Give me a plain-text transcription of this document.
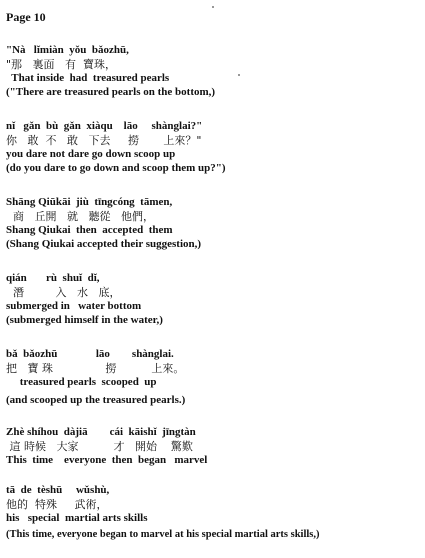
Page 10
"Nà   lǐmiàn  yǒu  bǎozhū,
"那   裏面   有  寶珠，
That inside  had  treasured pearls
("There are treasured pearls on the bottom,)
nǐ   gǎn  bù  gǎn  xiàqu    lāo     shànglai?"
你   敢  不   敢   下去     撈       上來？"
you dare not dare go down scoop up
(do you dare to go down and scoop them up?")
Shāng Qiūkāi  jiù  tīngcóng  tāmen,
商   丘開   就   聽從   他們，
Shang Qiukai  then  accepted  them
(Shang Qiukai accepted their suggestion,)
qián       rù  shuǐ  dǐ,
潛         入   水   底，
submerged in   water bottom
(submerged himself in the water,)
bǎ  bǎozhū              lāo        shànglai.
把   寶 珠               撈          上來。
treasured pearls  scooped  up
(and scooped up the treasured pearls.)
Zhè shíhou  dàjiā        cái  kāishǐ  jīngtàn
這 時候   大家          才   開始    驚歎
This  time    everyone  then  began   marvel
tā  de  tèshū     wǔshù,
他的  特殊     武術，
his   special  martial arts skills
(This time, everyone began to marvel at his special martial arts skills,)
